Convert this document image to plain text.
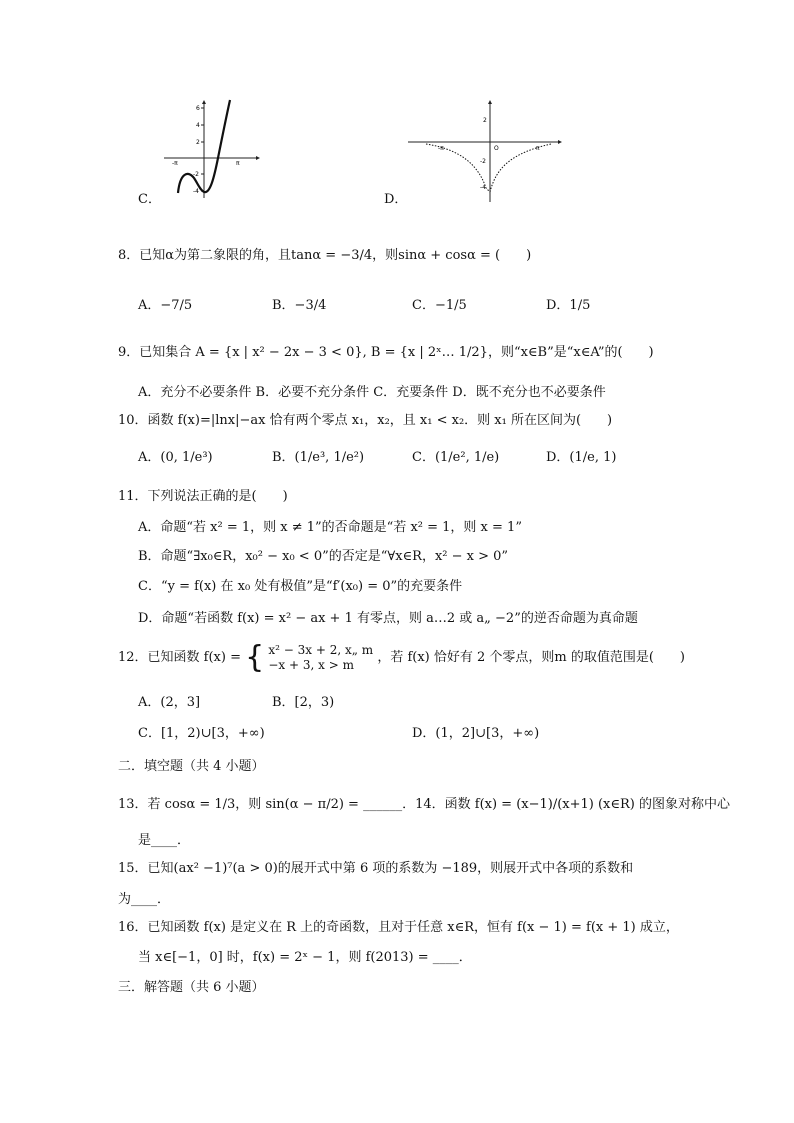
C．
6
4
2
-2
-4
-π	π
D．
2
-2
-4
-π	π
O
8．已知α为第二象限的角，且tanα = −3/4，则sinα + cosα = (　　)
A．−7/5	B．−3/4	C．−1/5	D．1/5
9．已知集合 A = {x | x² − 2x − 3 < 0}, B = {x | 2ˣ… 1/2}，则“x∈B”是“x∈A”的(　　)
A．充分不必要条件 B．必要不充分条件 C．充要条件 D．既不充分也不必要条件
10．函数 f(x)=|lnx|−ax 恰有两个零点 x₁，x₂，且 x₁ < x₂．则 x₁ 所在区间为(　　)
A．(0, 1/e³)	B．(1/e³, 1/e²)	C．(1/e², 1/e)	D．(1/e, 1)
11．下列说法正确的是(　　)
A．命题“若 x² = 1，则 x ≠ 1”的否命题是“若 x² = 1，则 x = 1”
B．命题“∃x₀∈R，x₀² − x₀ < 0”的否定是“∀x∈R，x² − x > 0”
C．“y = f(x) 在 x₀ 处有极值”是“f′(x₀) = 0”的充要条件
D．命题“若函数 f(x) = x² − ax + 1 有零点，则 a…2 或 a„ −2”的逆否命题为真命题
12．已知函数 f(x) = { x² − 3x + 2, x„ m
−x + 3, x > m	，若 f(x) 恰好有 2 个零点，则m 的取值范围是(　　)
A．(2，3]	B．[2，3)
C．[1，2)∪[3，+∞)	D．(1，2]∪[3，+∞)
二．填空题（共 4 小题）
13．若 cosα = 1/3，则 sin(α − π/2) = ______．14．函数 f(x) = (x−1)/(x+1) (x∈R) 的图象对称中心
是____．
15．已知(ax² −1)⁷(a > 0)的展开式中第 6 项的系数为 −189，则展开式中各项的系数和
为____．
16．已知函数 f(x) 是定义在 R 上的奇函数，且对于任意 x∈R，恒有 f(x − 1) = f(x + 1) 成立，
当 x∈[−1，0] 时，f(x) = 2ˣ − 1，则 f(2013) = ____．
三．解答题（共 6 小题）
